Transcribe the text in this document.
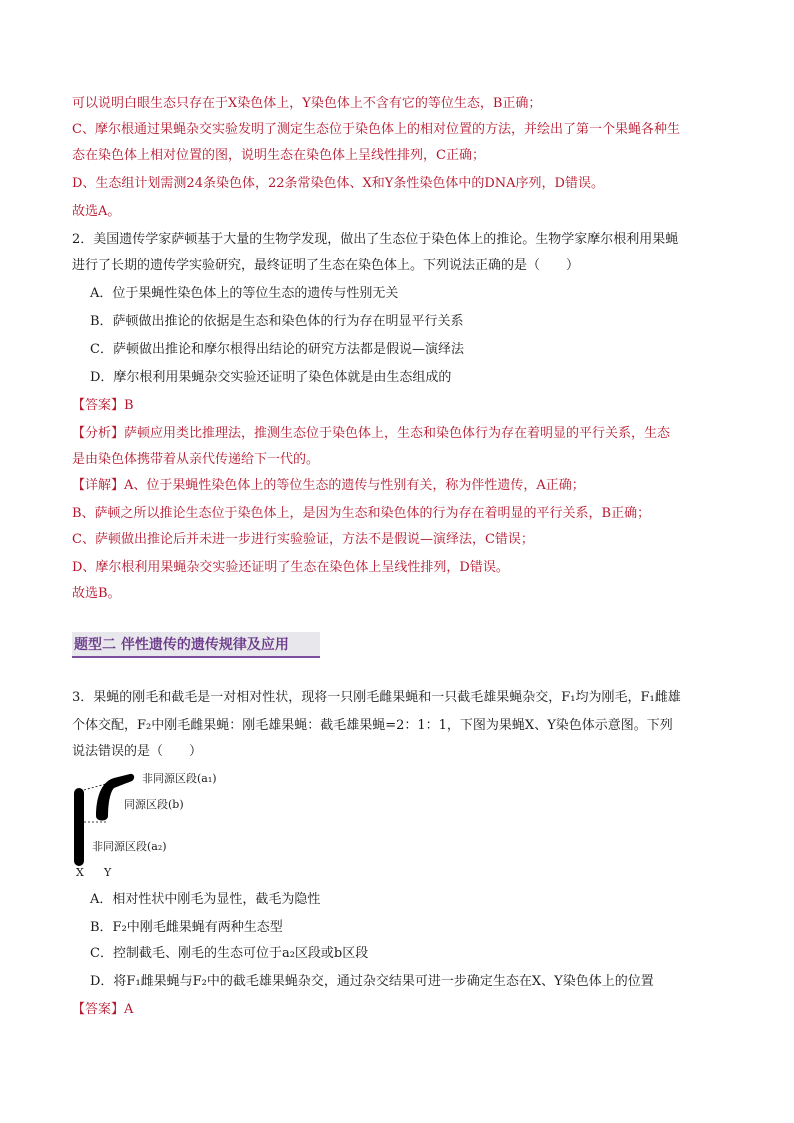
可以说明白眼生态只存在于X染色体上，Y染色体上不含有它的等位生态，B正确；
C、摩尔根通过果蝇杂交实验发明了测定生态位于染色体上的相对位置的方法，并绘出了第一个果蝇各种生
态在染色体上相对位置的图，说明生态在染色体上呈线性排列，C正确；
D、生态组计划需测24条染色体，22条常染色体、X和Y条性染色体中的DNA序列，D错误。
故选A。
2．美国遗传学家萨顿基于大量的生物学发现，做出了生态位于染色体上的推论。生物学家摩尔根利用果蝇
进行了长期的遗传学实验研究，最终证明了生态在染色体上。下列说法正确的是（　　）
A．位于果蝇性染色体上的等位生态的遗传与性别无关
B．萨顿做出推论的依据是生态和染色体的行为存在明显平行关系
C．萨顿做出推论和摩尔根得出结论的研究方法都是假说—演绎法
D．摩尔根利用果蝇杂交实验还证明了染色体就是由生态组成的
【答案】B
【分析】萨顿应用类比推理法，推测生态位于染色体上，生态和染色体行为存在着明显的平行关系，生态
是由染色体携带着从亲代传递给下一代的。
【详解】A、位于果蝇性染色体上的等位生态的遗传与性别有关，称为伴性遗传，A正确；
B、萨顿之所以推论生态位于染色体上，是因为生态和染色体的行为存在着明显的平行关系，B正确；
C、萨顿做出推论后并未进一步进行实验验证，方法不是假说—演绎法，C错误；
D、摩尔根利用果蝇杂交实验还证明了生态在染色体上呈线性排列，D错误。
故选B。
题型二 伴性遗传的遗传规律及应用
3．果蝇的刚毛和截毛是一对相对性状，现将一只刚毛雌果蝇和一只截毛雄果蝇杂交，F₁均为刚毛，F₁雌雄
个体交配，F₂中刚毛雌果蝇：刚毛雄果蝇：截毛雄果蝇=2：1：1，下图为果蝇X、Y染色体示意图。下列
说法错误的是（　　）
非同源区段(a₁)
同源区段(b)
非同源区段(a₂)
X Y
A．相对性状中刚毛为显性，截毛为隐性
B．F₂中刚毛雌果蝇有两种生态型
C．控制截毛、刚毛的生态可位于a₂区段或b区段
D．将F₁雌果蝇与F₂中的截毛雄果蝇杂交，通过杂交结果可进一步确定生态在X、Y染色体上的位置
【答案】A
